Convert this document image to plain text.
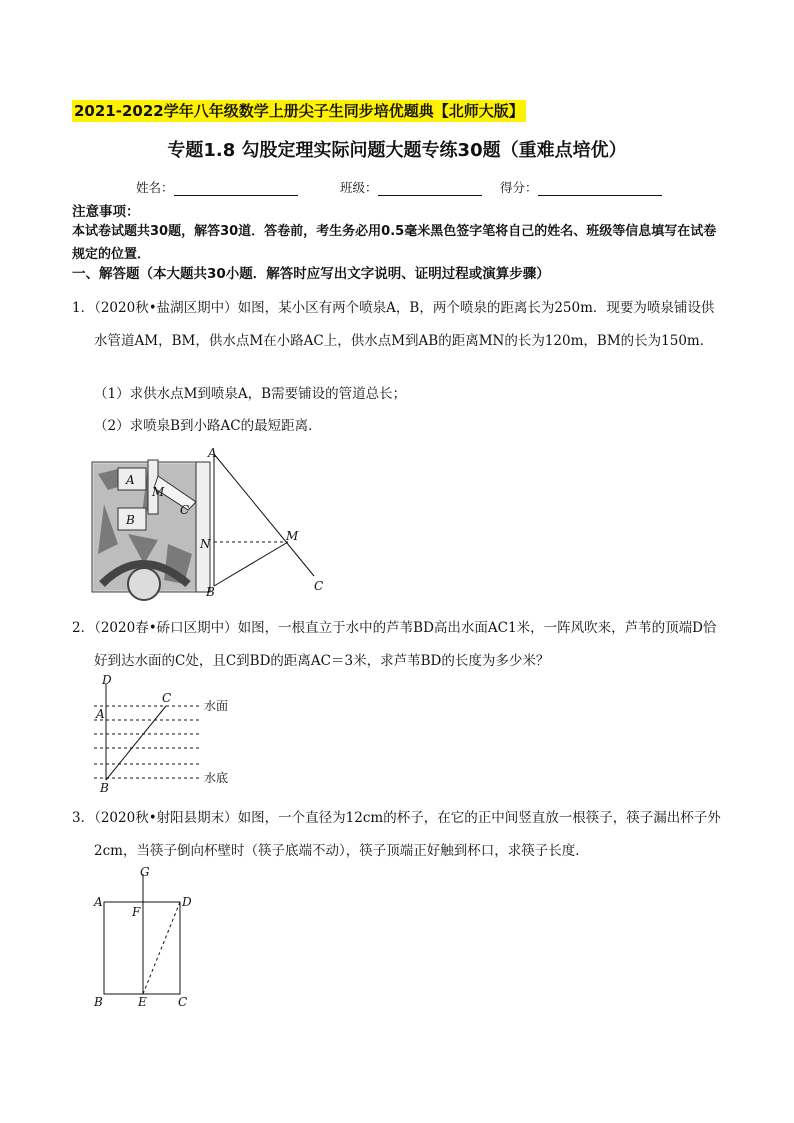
2021-2022学年八年级数学上册尖子生同步培优题典【北师大版】
专题1.8 勾股定理实际问题大题专练30题（重难点培优）
姓名：	班级：	得分：
注意事项：
本试卷试题共30题，解答30道．答卷前，考生务必用0.5毫米黑色签字笔将自己的姓名、班级等信息填写在试卷规定的位置．
一、解答题（本大题共30小题．解答时应写出文字说明、证明过程或演算步骤）
1．（2020秋•盐湖区期中）如图，某小区有两个喷泉A，B，两个喷泉的距离长为250m．现要为喷泉铺设供水管道AM，BM，供水点M在小路AC上，供水点M到AB的距离MN的长为120m，BM的长为150m．
（1）求供水点M到喷泉A，B需要铺设的管道总长；
（2）求喷泉B到小路AC的最短距离．
A
B
M
N
C
A
M
B	C
2．（2020春•硚口区期中）如图，一根直立于水中的芦苇BD高出水面AC1米，一阵风吹来，芦苇的顶端D恰好到达水面的C处，且C到BD的距离AC＝3米，求芦苇BD的长度为多少米？
D
C
A
B
水面
水底
3．（2020秋•射阳县期末）如图，一个直径为12cm的杯子，在它的正中间竖直放一根筷子，筷子漏出杯子外2cm，当筷子倒向杯壁时（筷子底端不动），筷子顶端正好触到杯口，求筷子长度．
G
A
F
D
B	E	C
